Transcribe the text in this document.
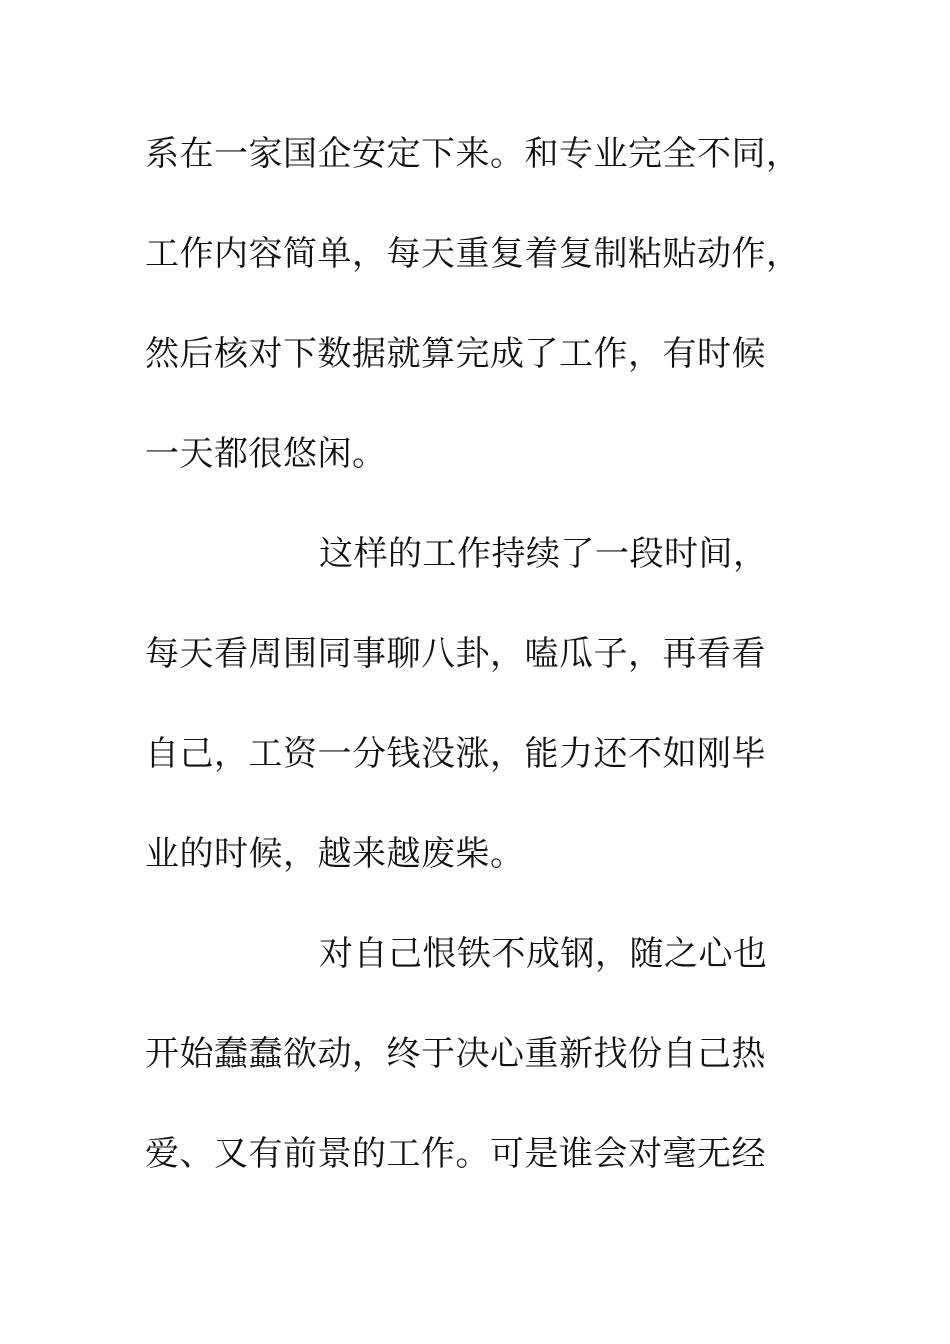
系在一家国企安定下来。和专业完全不同，
工作内容简单，每天重复着复制粘贴动作，
然后核对下数据就算完成了工作，有时候
一天都很悠闲。
这样的工作持续了一段时间，
每天看周围同事聊八卦，嗑瓜子，再看看
自己，工资一分钱没涨，能力还不如刚毕
业的时候，越来越废柴。
对自己恨铁不成钢，随之心也
开始蠢蠢欲动，终于决心重新找份自己热
爱、又有前景的工作。可是谁会对毫无经
